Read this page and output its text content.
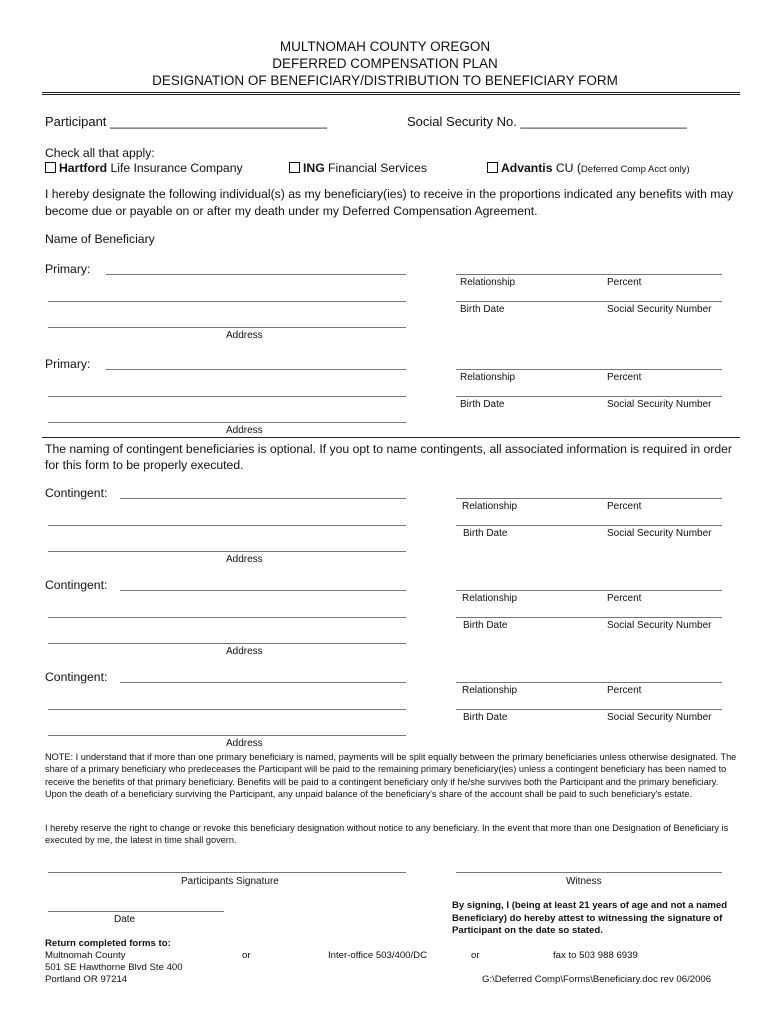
MULTNOMAH COUNTY OREGON
DEFERRED COMPENSATION PLAN
DESIGNATION OF BENEFICIARY/DISTRIBUTION TO BENEFICIARY FORM
Participant ______________________________	Social Security No. _______________________
Check all that apply:
Hartford Life Insurance Company	ING Financial Services	Advantis CU (Deferred Comp Acct only)
I hereby designate the following individual(s) as my beneficiary(ies) to receive in the proportions indicated any benefits with may become due or payable on or after my death under my Deferred Compensation Agreement.
Name of Beneficiary
Primary:
Address
Relationship	Percent
Birth Date	Social Security Number
Primary:
Address
Relationship	Percent
Birth Date	Social Security Number
Contingent:
Address
Relationship	Percent
Birth Date	Social Security Number
Contingent:
Address
Relationship	Percent
Birth Date	Social Security Number
Contingent:
Address
Relationship	Percent
Birth Date	Social Security Number
The naming of contingent beneficiaries is optional. If you opt to name contingents, all associated information is required in order for this form to be properly executed.
NOTE: I understand that if more than one primary beneficiary is named, payments will be split equally between the primary beneficiaries unless otherwise designated. The share of a primary beneficiary who predeceases the Participant will be paid to the remaining primary beneficiary(ies) unless a contingent beneficiary has been named to receive the benefits of that primary beneficiary. Benefits will be paid to a contingent beneficiary only if he/she survives both the Participant and the primary beneficiary. Upon the death of a beneficiary surviving the Participant, any unpaid balance of the beneficiary's share of the account shall be paid to such beneficiary's estate.
I hereby reserve the right to change or revoke this beneficiary designation without notice to any beneficiary. In the event that more than one Designation of Beneficiary is executed by me, the latest in time shall govern.
Participants Signature	Witness
Date
By signing, I (being at least 21 years of age and not a named Beneficiary) do hereby attest to witnessing the signature of Participant on the date so stated.
Return completed forms to:
Multnomah County
501 SE Hawthorne Blvd Ste 400
Portland OR 97214
or	Inter-office 503/400/DC	or	fax to 503 988 6939
G:\Deferred Comp\Forms\Beneficiary.doc rev 06/2006
